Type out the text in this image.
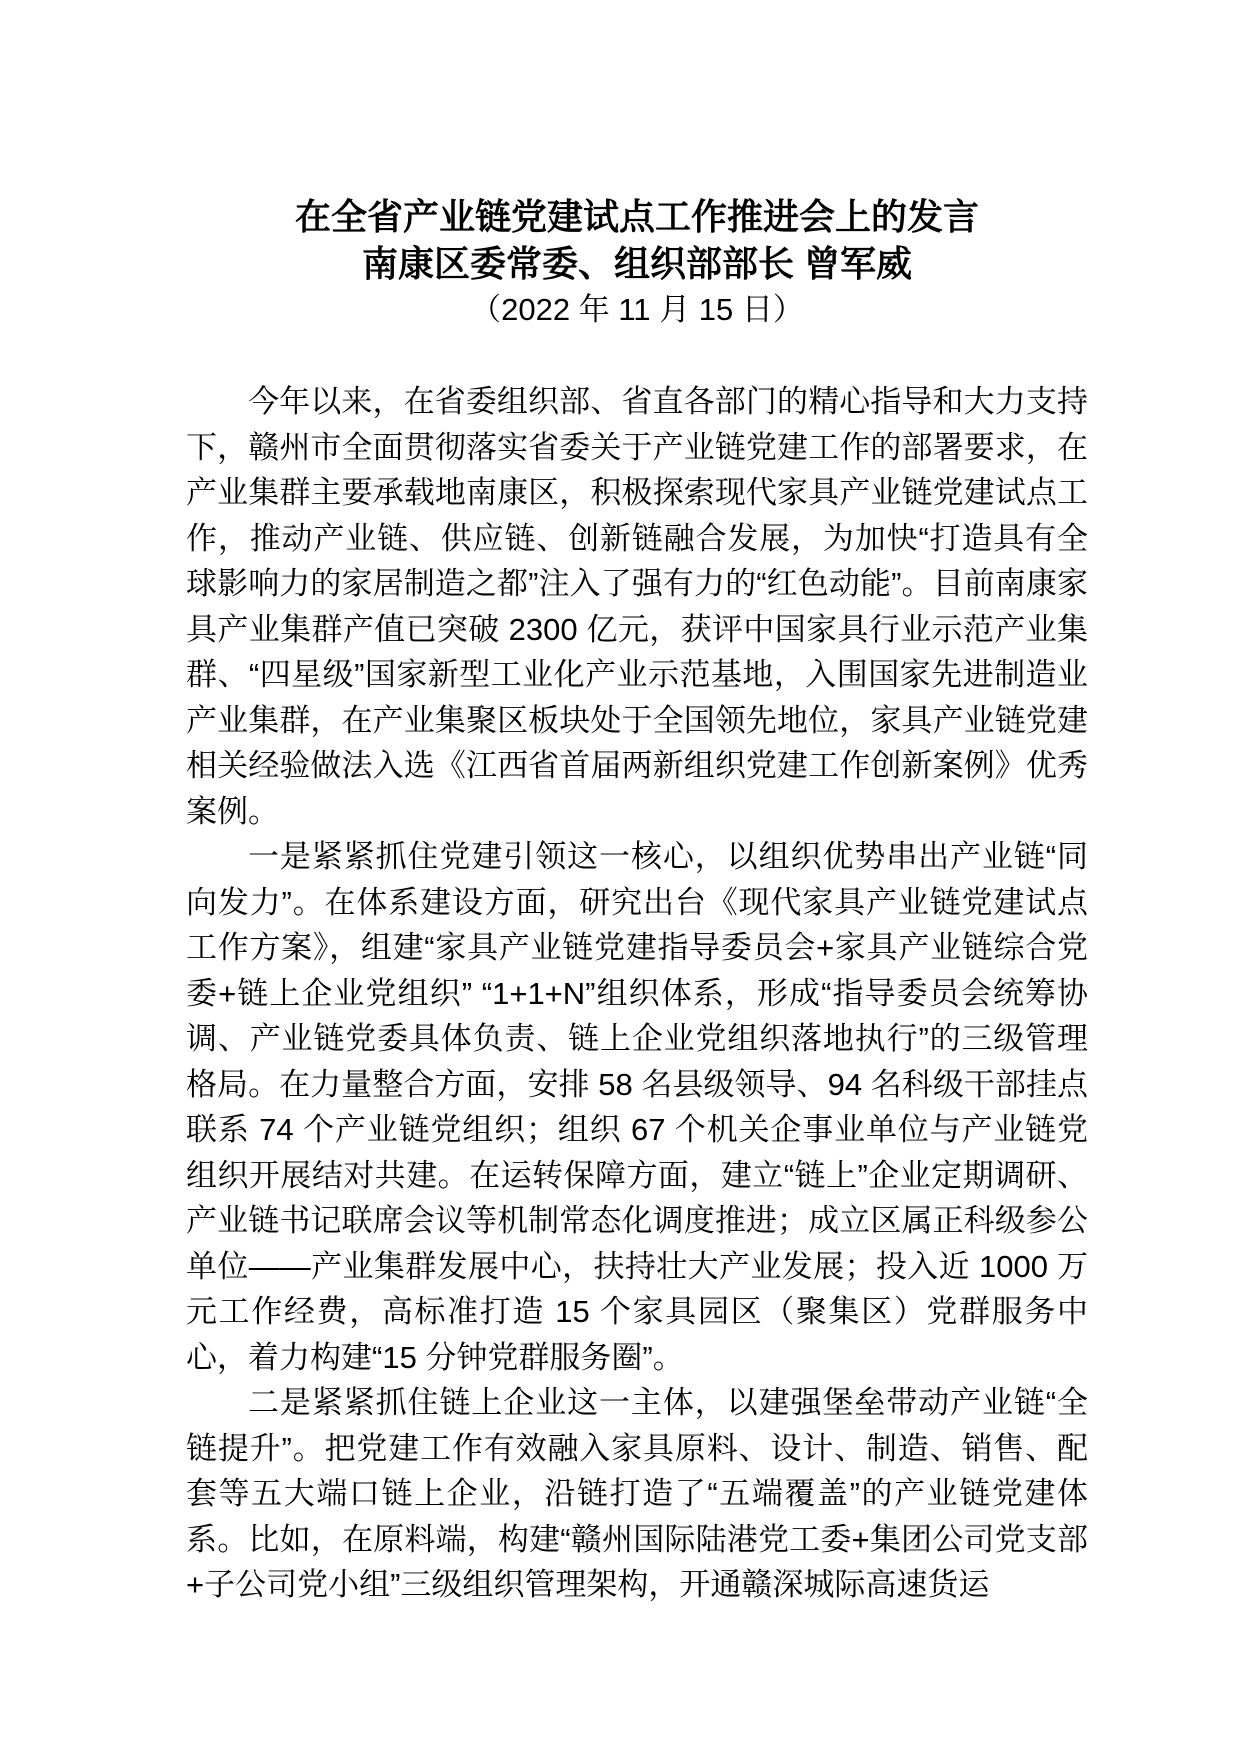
在全省产业链党建试点工作推进会上的发言
南康区委常委、组织部部长 曾军威
（2022 年 11 月 15 日）

今年以来，在省委组织部、省直各部门的精心指导和大力支持下，赣州市全面贯彻落实省委关于产业链党建工作的部署要求，在产业集群主要承载地南康区，积极探索现代家具产业链党建试点工作，推动产业链、供应链、创新链融合发展，为加快“打造具有全球影响力的家居制造之都”注入了强有力的“红色动能”。目前南康家具产业集群产值已突破 2300 亿元，获评中国家具行业示范产业集群、“四星级”国家新型工业化产业示范基地，入围国家先进制造业产业集群，在产业集聚区板块处于全国领先地位，家具产业链党建相关经验做法入选《江西省首届两新组织党建工作创新案例》优秀案例。

一是紧紧抓住党建引领这一核心，以组织优势串出产业链“同向发力”。在体系建设方面，研究出台《现代家具产业链党建试点工作方案》，组建“家具产业链党建指导委员会+家具产业链综合党委+链上企业党组织” “1+1+N”组织体系，形成“指导委员会统筹协调、产业链党委具体负责、链上企业党组织落地执行”的三级管理格局。在力量整合方面，安排 58 名县级领导、94 名科级干部挂点联系 74 个产业链党组织；组织 67 个机关企事业单位与产业链党组织开展结对共建。在运转保障方面，建立“链上”企业定期调研、产业链书记联席会议等机制常态化调度推进；成立区属正科级参公单位——产业集群发展中心，扶持壮大产业发展；投入近 1000 万元工作经费，高标准打造 15 个家具园区（聚集区）党群服务中心，着力构建“15 分钟党群服务圈”。

二是紧紧抓住链上企业这一主体，以建强堡垒带动产业链“全链提升”。把党建工作有效融入家具原料、设计、制造、销售、配套等五大端口链上企业，沿链打造了“五端覆盖”的产业链党建体系。比如，在原料端，构建“赣州国际陆港党工委+集团公司党支部+子公司党小组”三级组织管理架构，开通赣深城际高速货运
